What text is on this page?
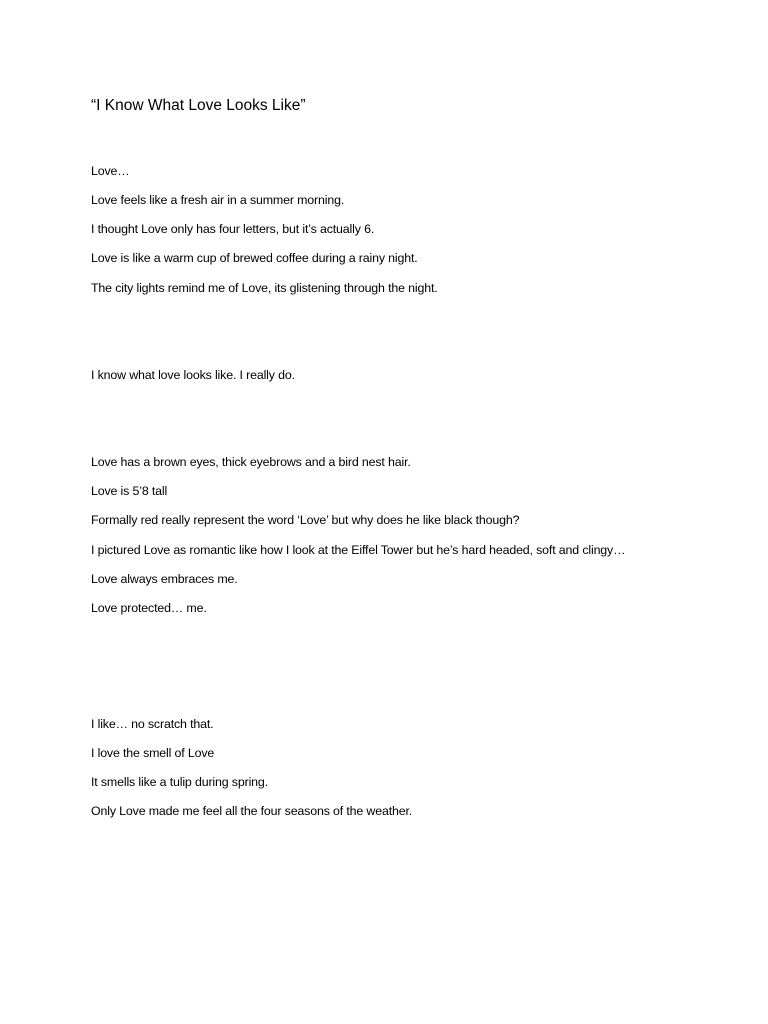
“I Know What Love Looks Like”
Love…
Love feels like a fresh air in a summer morning.
I thought Love only has four letters, but it’s actually 6.
Love is like a warm cup of brewed coffee during a rainy night.
The city lights remind me of Love, its glistening through the night.
I know what love looks like. I really do.
Love has a brown eyes, thick eyebrows and a bird nest hair.
Love is 5’8 tall
Formally red really represent the word ‘Love’ but why does he like black though?
I pictured Love as romantic like how I look at the Eiffel Tower but he’s hard headed, soft and clingy…
Love always embraces me.
Love protected… me.
I like… no scratch that.
I love the smell of Love
It smells like a tulip during spring.
Only Love made me feel all the four seasons of the weather.
